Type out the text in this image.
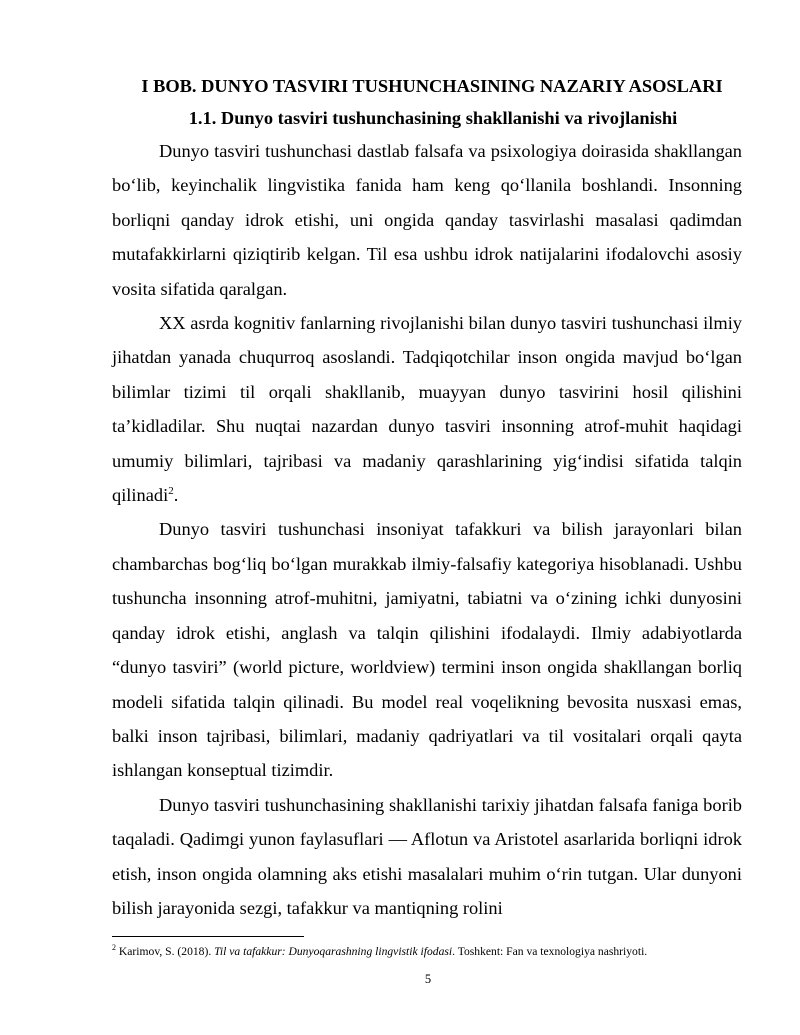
I BOB. DUNYO TASVIRI TUSHUNCHASINING NAZARIY ASOSLARI
1.1. Dunyo tasviri tushunchasining shakllanishi va rivojlanishi

Dunyo tasviri tushunchasi dastlab falsafa va psixologiya doirasida shakllangan bo‘lib, keyinchalik lingvistika fanida ham keng qo‘llanila boshlandi. Insonning borliqni qanday idrok etishi, uni ongida qanday tasvirlashi masalasi qadimdan mutafakkirlarni qiziqtirib kelgan. Til esa ushbu idrok natijalarini ifodalovchi asosiy vosita sifatida qaralgan.

XX asrda kognitiv fanlarning rivojlanishi bilan dunyo tasviri tushunchasi ilmiy jihatdan yanada chuqurroq asoslandi. Tadqiqotchilar inson ongida mavjud bo‘lgan bilimlar tizimi til orqali shakllanib, muayyan dunyo tasvirini hosil qilishini ta’kidladilar. Shu nuqtai nazardan dunyo tasviri insonning atrof-muhit haqidagi umumiy bilimlari, tajribasi va madaniy qarashlarining yig‘indisi sifatida talqin qilinadi$^2$.

Dunyo tasviri tushunchasi insoniyat tafakkuri va bilish jarayonlari bilan chambarchas bog‘liq bo‘lgan murakkab ilmiy-falsafiy kategoriya hisoblanadi. Ushbu tushuncha insonning atrof-muhitni, jamiyatni, tabiatni va o‘zining ichki dunyosini qanday idrok etishi, anglash va talqin qilishini ifodalaydi. Ilmiy adabiyotlarda “dunyo tasviri” (world picture, worldview) termini inson ongida shakllangan borliq modeli sifatida talqin qilinadi. Bu model real voqelikning bevosita nusxasi emas, balki inson tajribasi, bilimlari, madaniy qadriyatlari va til vositalari orqali qayta ishlangan konseptual tizimdir.

Dunyo tasviri tushunchasining shakllanishi tarixiy jihatdan falsafa faniga borib taqaladi. Qadimgi yunon faylasuflari — Aflotun va Aristotel asarlarida borliqni idrok etish, inson ongida olamning aks etishi masalalari muhim o‘rin tutgan. Ular dunyoni bilish jarayonida sezgi, tafakkur va mantiqning rolini

$^2$ Karimov, S. (2018). Til va tafakkur: Dunyoqarashning lingvistik ifodasi. Toshkent: Fan va texnologiya nashriyoti.
5
